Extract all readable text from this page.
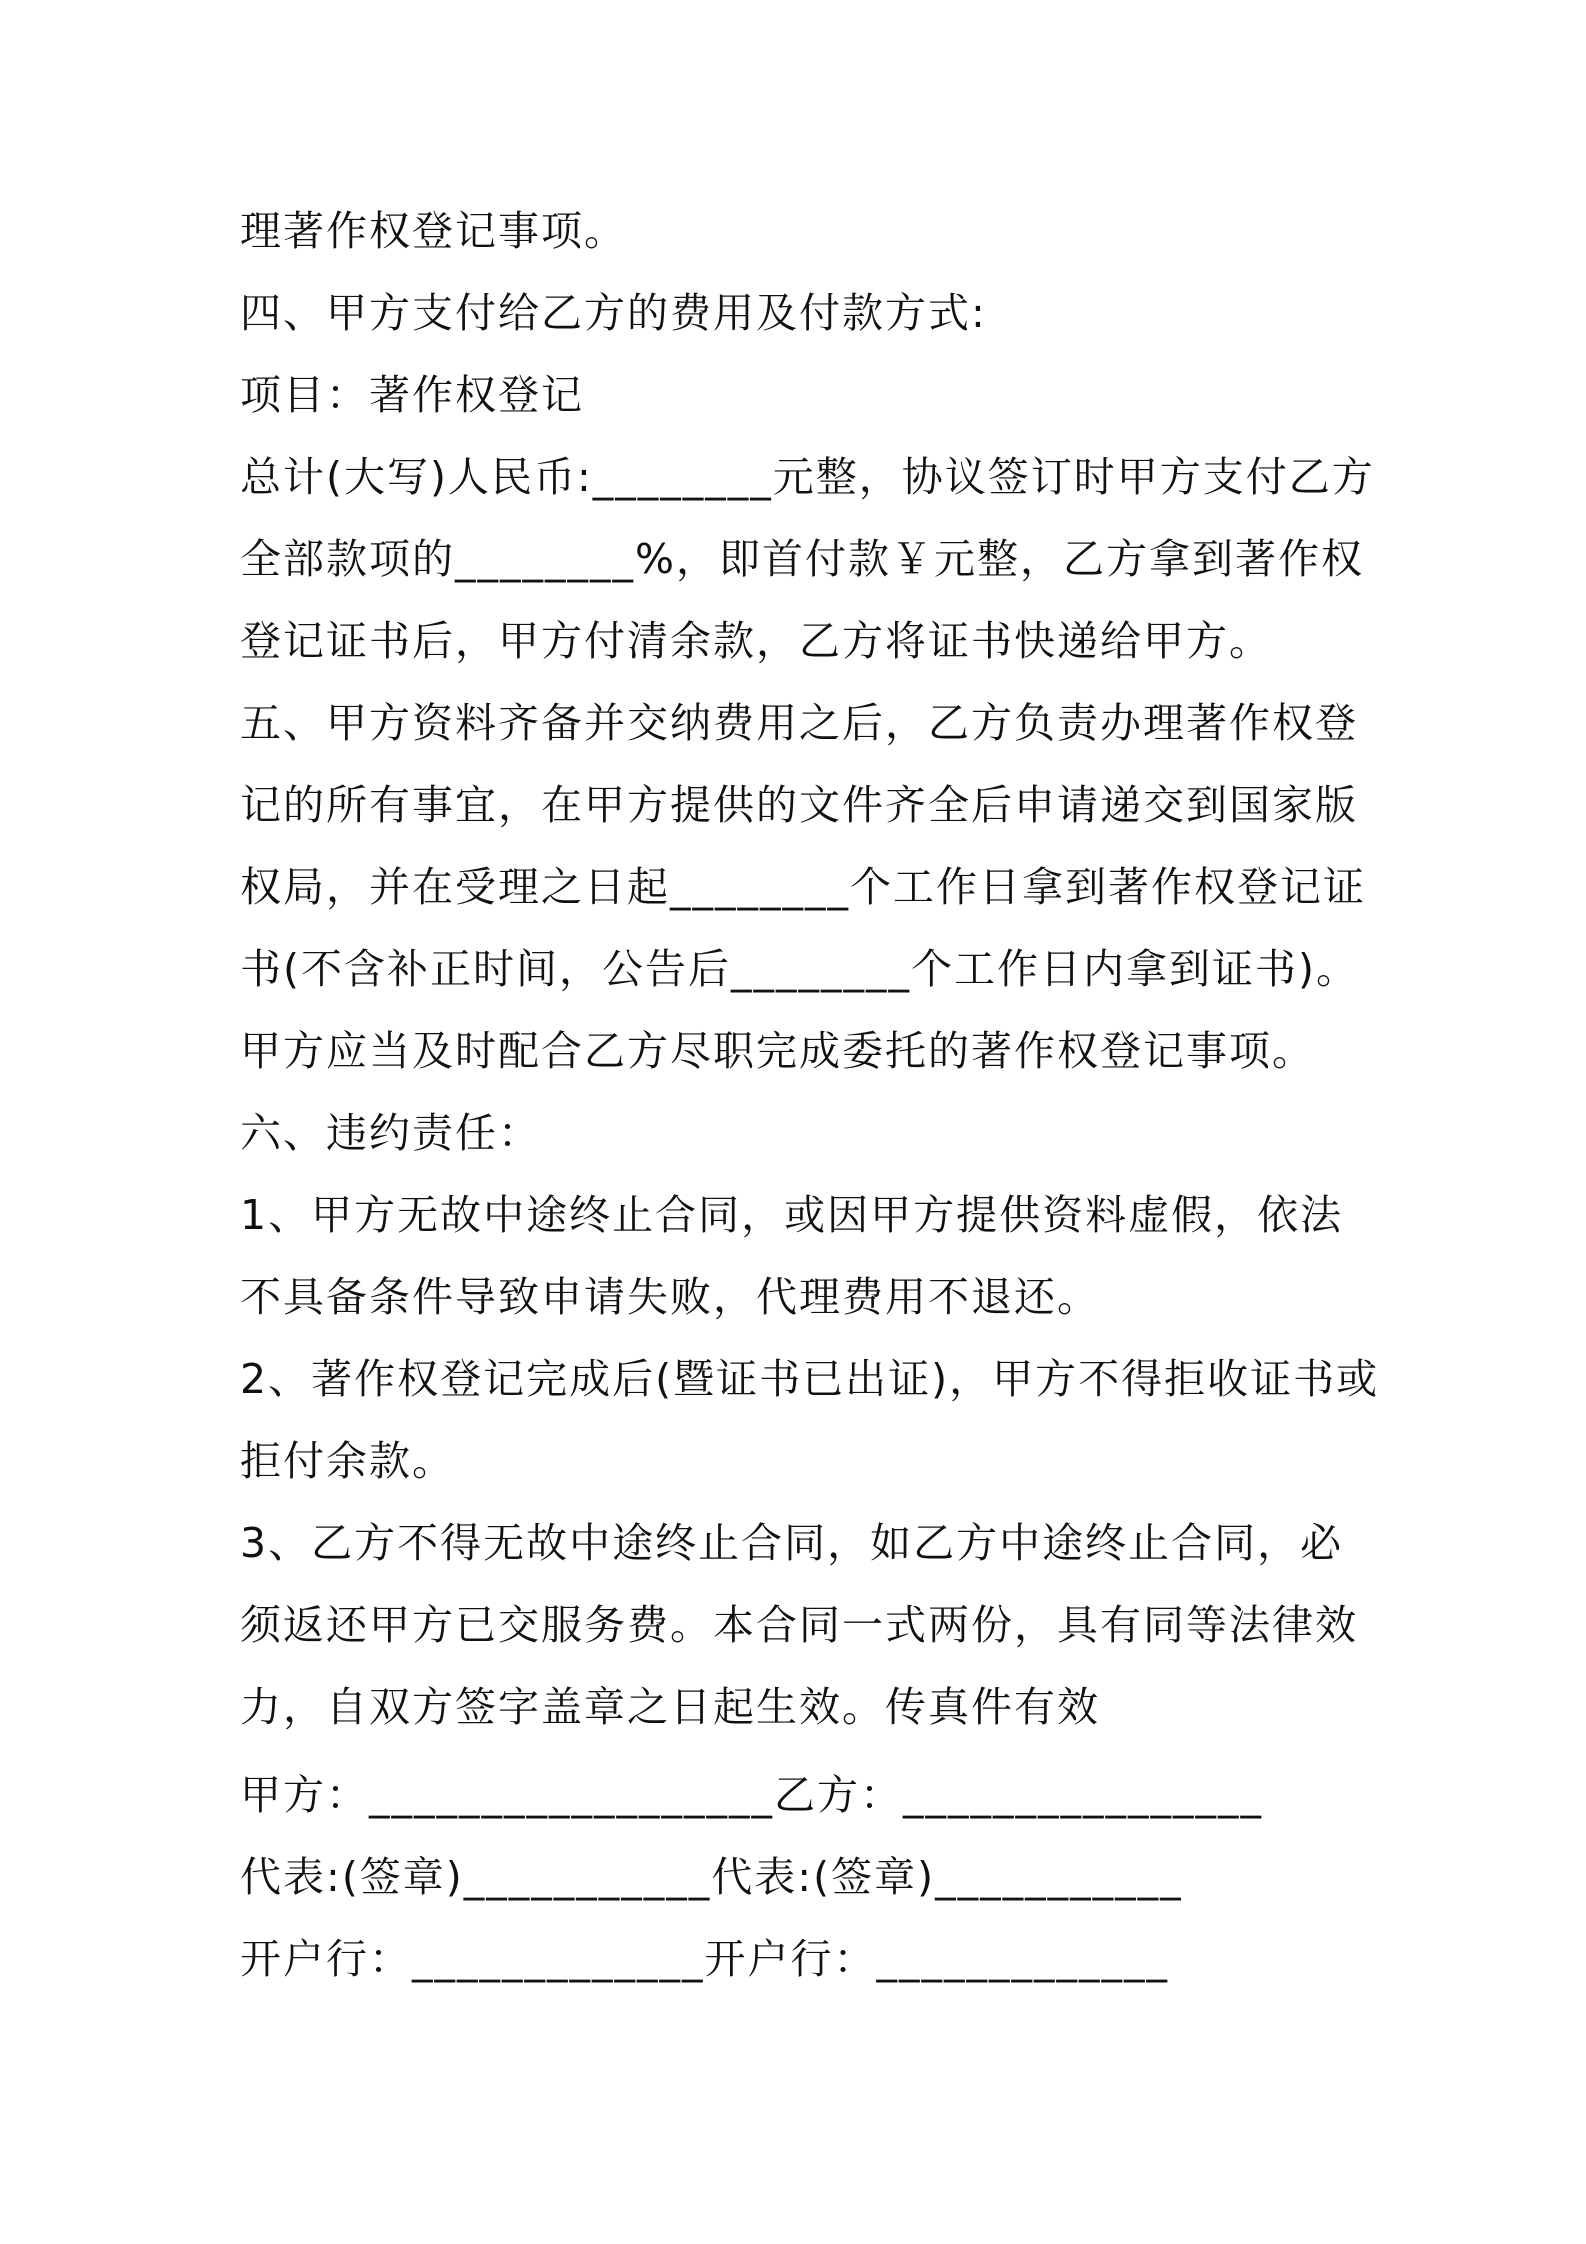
理著作权登记事项。
四、甲方支付给乙方的费用及付款方式:
项目：著作权登记
总计(大写)人民币:________元整，协议签订时甲方支付乙方
全部款项的________%，即首付款￥元整，乙方拿到著作权
登记证书后，甲方付清余款，乙方将证书快递给甲方。
五、甲方资料齐备并交纳费用之后，乙方负责办理著作权登
记的所有事宜，在甲方提供的文件齐全后申请递交到国家版
权局，并在受理之日起________个工作日拿到著作权登记证
书(不含补正时间，公告后________个工作日内拿到证书)。
甲方应当及时配合乙方尽职完成委托的著作权登记事项。
六、违约责任：
1、甲方无故中途终止合同，或因甲方提供资料虚假，依法
不具备条件导致申请失败，代理费用不退还。
2、著作权登记完成后(暨证书已出证)，甲方不得拒收证书或
拒付余款。
3、乙方不得无故中途终止合同，如乙方中途终止合同，必
须返还甲方已交服务费。本合同一式两份，具有同等法律效
力，自双方签字盖章之日起生效。传真件有效
甲方：__________________乙方：________________
代表:(签章)___________代表:(签章)___________
开户行：_____________开户行：_____________
